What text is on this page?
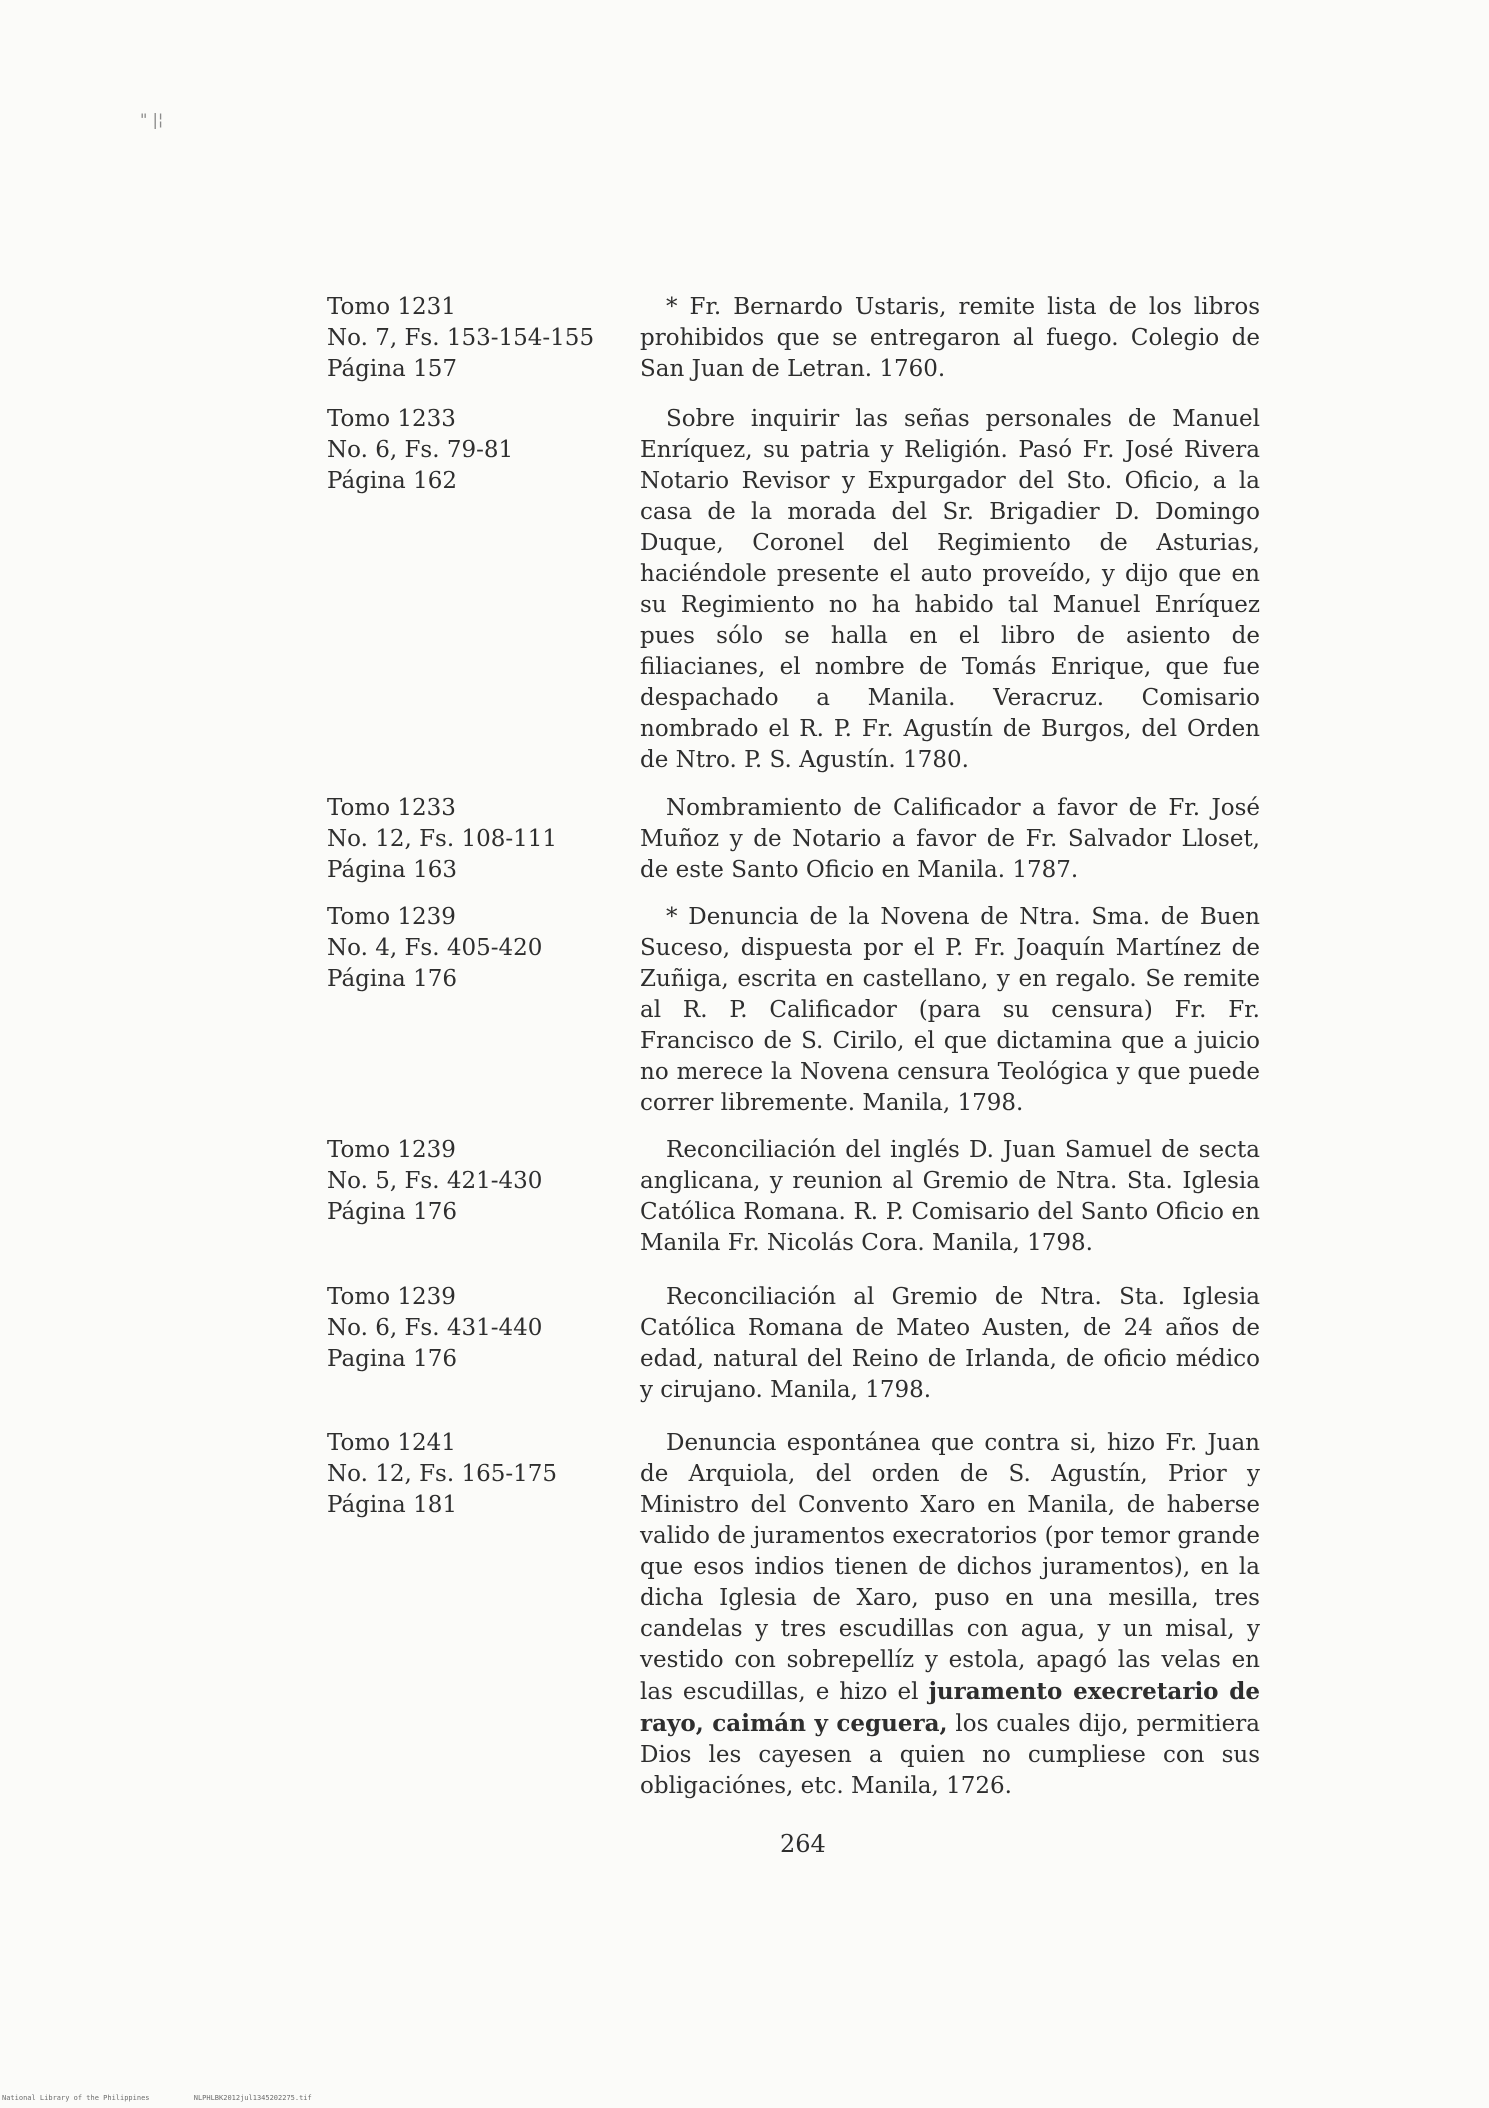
" |¦
Tomo 1231
No. 7, Fs. 153-154-155
Página 157

* Fr. Bernardo Ustaris, remite lista de los libros prohibidos que se entregaron al fuego. Colegio de San Juan de Letran. 1760.

Tomo 1233
No. 6, Fs. 79-81
Página 162

Sobre inquirir las señas personales de Manuel Enríquez, su patria y Religión. Pasó Fr. José Rivera Notario Revisor y Expurgador del Sto. Oficio, a la casa de la morada del Sr. Brigadier D. Domingo Duque, Coronel del Regimiento de Asturias, haciéndole presente el auto proveído, y dijo que en su Regimiento no ha habido tal Manuel Enríquez pues sólo se halla en el libro de asiento de filiacianes, el nombre de Tomás Enrique, que fue despachado a Manila. Veracruz. Comisario nombrado el R. P. Fr. Agustín de Burgos, del Orden de Ntro. P. S. Agustín. 1780.

Tomo 1233
No. 12, Fs. 108-111
Página 163

Nombramiento de Calificador a favor de Fr. José Muñoz y de Notario a favor de Fr. Salvador Lloset, de este Santo Oficio en Manila. 1787.

Tomo 1239
No. 4, Fs. 405-420
Página 176

* Denuncia de la Novena de Ntra. Sma. de Buen Suceso, dispuesta por el P. Fr. Joaquín Martínez de Zuñiga, escrita en castellano, y en regalo. Se remite al R. P. Calificador (para su censura) Fr. Fr. Francisco de S. Cirilo, el que dictamina que a juicio no merece la Novena censura Teológica y que puede correr libremente. Manila, 1798.

Tomo 1239
No. 5, Fs. 421-430
Página 176

Reconciliación del inglés D. Juan Samuel de secta anglicana, y reunion al Gremio de Ntra. Sta. Iglesia Católica Romana. R. P. Comisario del Santo Oficio en Manila Fr. Nicolás Cora. Manila, 1798.

Tomo 1239
No. 6, Fs. 431-440
Pagina 176

Reconciliación al Gremio de Ntra. Sta. Iglesia Católica Romana de Mateo Austen, de 24 años de edad, natural del Reino de Irlanda, de oficio médico y cirujano. Manila, 1798.

Tomo 1241
No. 12, Fs. 165-175
Página 181

Denuncia espontánea que contra si, hizo Fr. Juan de Arquiola, del orden de S. Agustín, Prior y Ministro del Convento Xaro en Manila, de haberse valido de juramentos execratorios (por temor grande que esos indios tienen de dichos juramentos), en la dicha Iglesia de Xaro, puso en una mesilla, tres candelas y tres escudillas con agua, y un misal, y vestido con sobrepellíz y estola, apagó las velas en las escudillas, e hizo el juramento execretario de rayo, caimán y ceguera, los cuales dijo, permitiera Dios les cayesen a quien no cumpliese con sus obligaciónes, etc. Manila, 1726.

264
National Library of the Philippines	NLPHLBK2012jul1345202275.tif
